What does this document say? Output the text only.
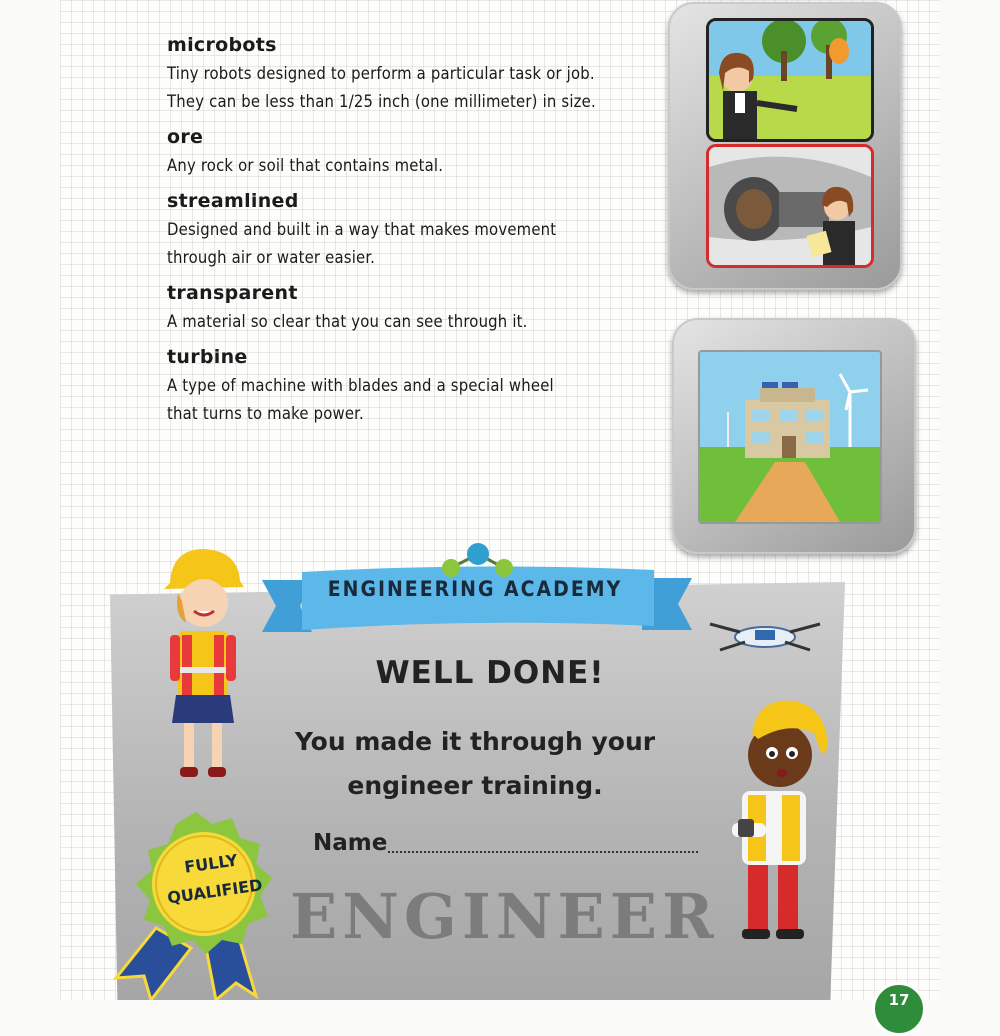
microbots
Tiny robots designed to perform a particular task or job.
They can be less than 1/25 inch (one millimeter) in size.
ore
Any rock or soil that contains metal.
streamlined
Designed and built in a way that makes movement
through air or water easier.
transparent
A material so clear that you can see through it.
turbine
A type of machine with blades and a special wheel
that turns to make power.
ENGINEERING ACADEMY
WELL DONE!
You made it through your
engineer training.
Name
ENGINEER
FULLY
QUALIFIED
17
